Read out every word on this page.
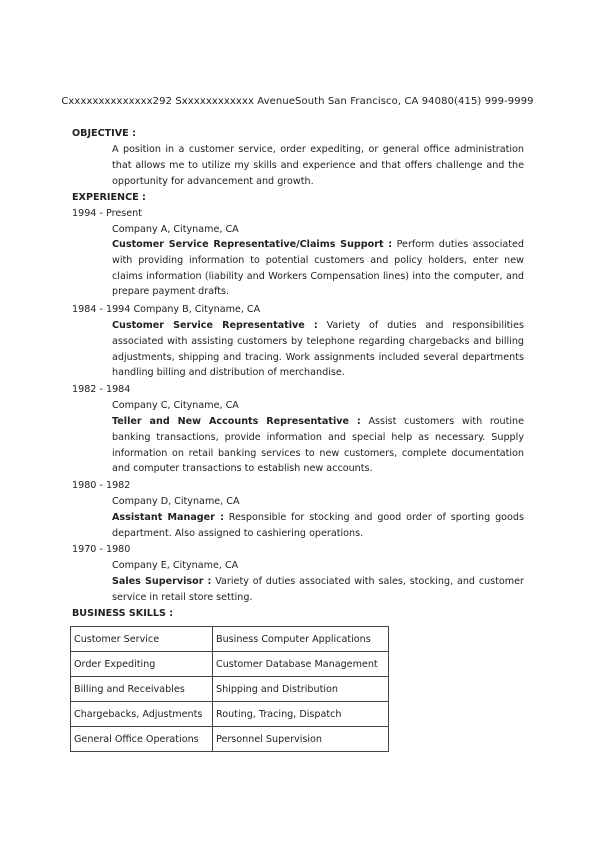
Cxxxxxxxxxxxxxx292 Sxxxxxxxxxxxx AvenueSouth San Francisco, CA 94080(415) 999-9999
OBJECTIVE :
A position in a customer service, order expediting, or general office administration that allows me to utilize my skills and experience and that offers challenge and the opportunity for advancement and growth.
EXPERIENCE :
1994 - Present
Company A, Cityname, CA
Customer Service Representative/Claims Support : Perform duties associated with providing information to potential customers and policy holders, enter new claims information (liability and Workers Compensation lines) into the computer, and prepare payment drafts.
1984 - 1994 Company B, Cityname, CA
Customer Service Representative : Variety of duties and responsibilities associated with assisting customers by telephone regarding chargebacks and billing adjustments, shipping and tracing. Work assignments included several departments handling billing and distribution of merchandise.
1982 - 1984
Company C, Cityname, CA
Teller and New Accounts Representative : Assist customers with routine banking transactions, provide information and special help as necessary. Supply information on retail banking services to new customers, complete documentation and computer transactions to establish new accounts.
1980 - 1982
Company D, Cityname, CA
Assistant Manager : Responsible for stocking and good order of sporting goods department. Also assigned to cashiering operations.
1970 - 1980
Company E, Cityname, CA
Sales Supervisor : Variety of duties associated with sales, stocking, and customer service in retail store setting.
BUSINESS SKILLS :
Customer Service	Business Computer Applications
Order Expediting	Customer Database Management
Billing and Receivables	Shipping and Distribution
Chargebacks, Adjustments	Routing, Tracing, Dispatch
General Office Operations	Personnel Supervision
